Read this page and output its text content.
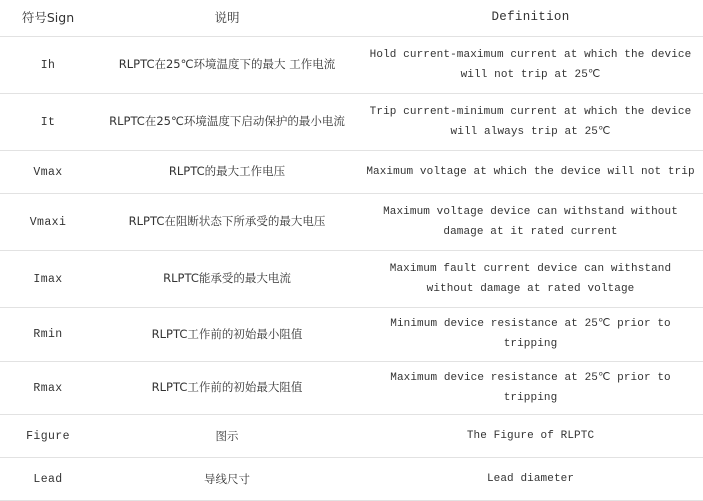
符号Sign	说明	Definition
Ih	RLPTC在25℃环境温度下的最大 工作电流	Hold current-maximum current at which the device will not trip at 25℃
It	RLPTC在25℃环境温度下启动保护的最小电流	Trip current-minimum current at which the device will always trip at 25℃
Vmax	RLPTC的最大工作电压	Maximum voltage at which the device will not trip
Vmaxi	RLPTC在阻断状态下所承受的最大电压	Maximum voltage device can withstand without damage at it rated current
Imax	RLPTC能承受的最大电流	Maximum fault current device can withstand without damage at rated voltage
Rmin	RLPTC工作前的初始最小阻值	Minimum device resistance at 25℃ prior to tripping
Rmax	RLPTC工作前的初始最大阻值	Maximum device resistance at 25℃ prior to tripping
Figure	图示	The Figure of RLPTC
Lead	导线尺寸	Lead diameter
